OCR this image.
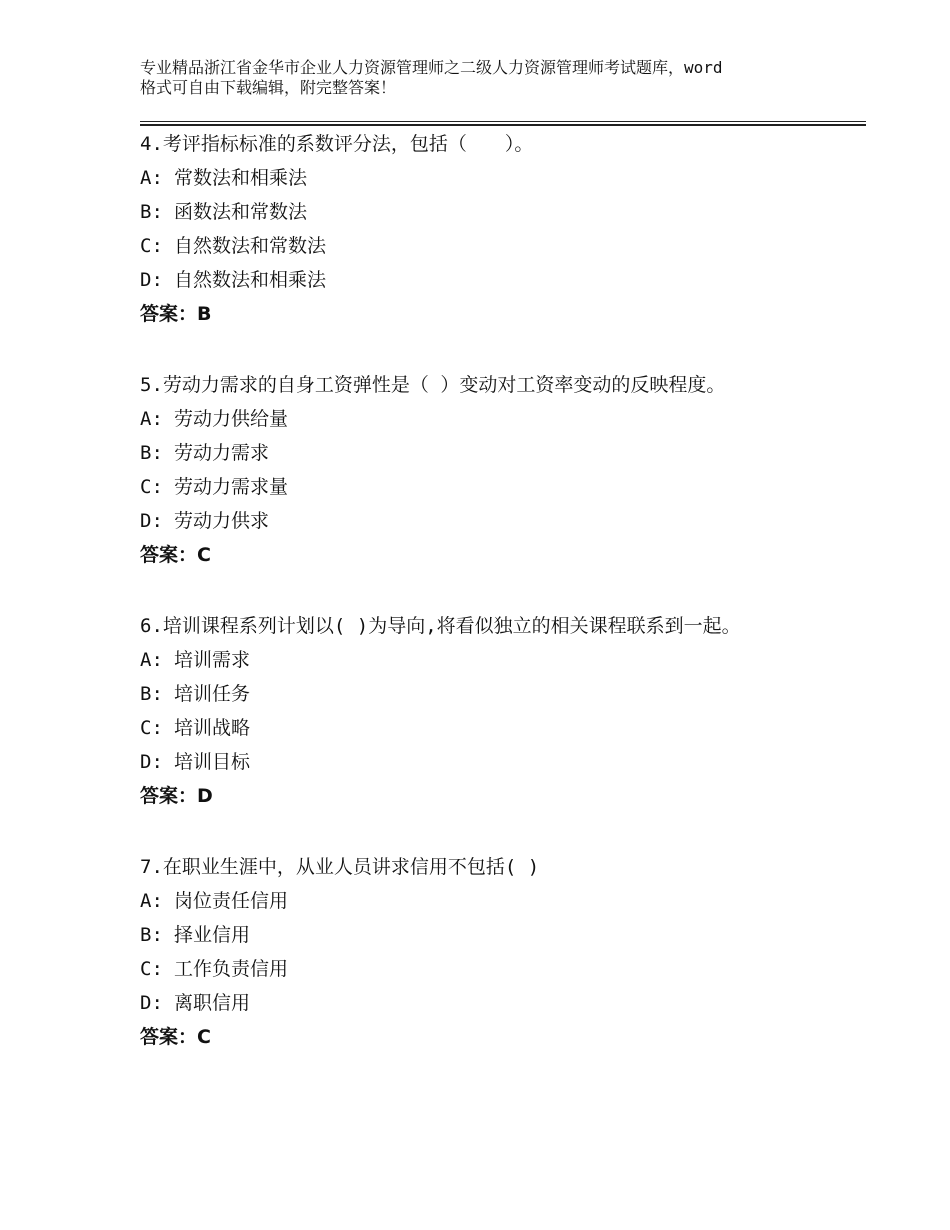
专业精品浙江省金华市企业人力资源管理师之二级人力资源管理师考试题库，word
格式可自由下载编辑，附完整答案！
4.考评指标标准的系数评分法，包括（　　）。
A: 常数法和相乘法
B: 函数法和常数法
C: 自然数法和常数法
D: 自然数法和相乘法
答案：B
5.劳动力需求的自身工资弹性是（ ）变动对工资率变动的反映程度。
A: 劳动力供给量
B: 劳动力需求
C: 劳动力需求量
D: 劳动力供求
答案：C
6.培训课程系列计划以( )为导向,将看似独立的相关课程联系到一起。
A: 培训需求
B: 培训任务
C: 培训战略
D: 培训目标
答案：D
7.在职业生涯中，从业人员讲求信用不包括( )
A: 岗位责任信用
B: 择业信用
C: 工作负责信用
D: 离职信用
答案：C
